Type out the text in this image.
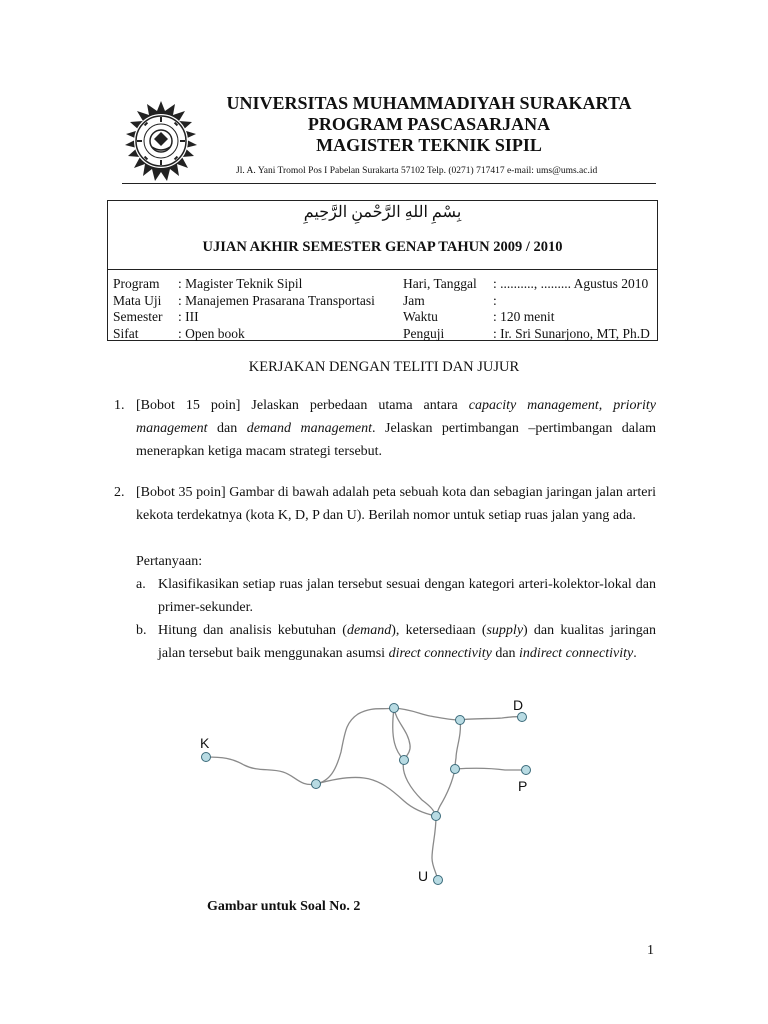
UNIVERSITAS MUHAMMADIYAH SURAKARTA
PROGRAM PASCASARJANA
MAGISTER TEKNIK SIPIL
Jl. A. Yani Tromol Pos I Pabelan Surakarta 57102 Telp. (0271) 717417 e-mail: ums@ums.ac.id
بِسْمِ اللهِ الرَّحْمنِ الرَّحِيمِ
UJIAN AKHIR SEMESTER GENAP TAHUN 2009 / 2010
Program : Magister Teknik Sipil	Hari, Tanggal : .........., ......... Agustus 2010
Mata Uji : Manajemen Prasarana Transportasi Jam	:
Semester : III	Waktu	: 120 menit
Sifat	: Open book	Penguji	: Ir. Sri Sunarjono, MT, Ph.D
KERJAKAN DENGAN TELITI DAN JUJUR
1. [Bobot 15 poin] Jelaskan perbedaan utama antara capacity management, priority management dan demand management. Jelaskan pertimbangan –pertimbangan dalam menerapkan ketiga macam strategi tersebut.
2. [Bobot 35 poin] Gambar di bawah adalah peta sebuah kota dan sebagian jaringan jalan arteri kekota terdekatnya (kota K, D, P dan U). Berilah nomor untuk setiap ruas jalan yang ada.
Pertanyaan:
a. Klasifikasikan setiap ruas jalan tersebut sesuai dengan kategori arteri-kolektor-lokal dan primer-sekunder.
b. Hitung dan analisis kebutuhan (demand), ketersediaan (supply) dan kualitas jaringan jalan tersebut baik menggunakan asumsi direct connectivity dan indirect connectivity.
K
D
P
U
Gambar untuk Soal No. 2
1
